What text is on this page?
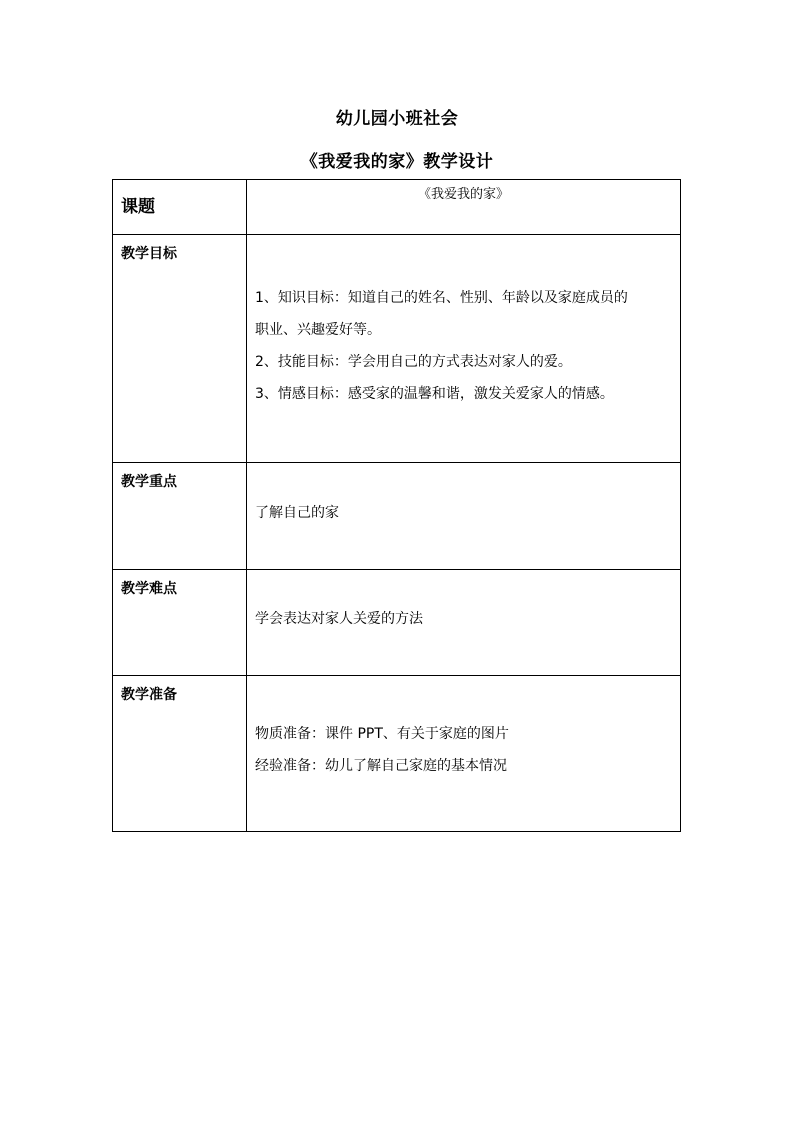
幼儿园小班社会
《我爱我的家》教学设计
课题	《我爱我的家》

教学目标	1、知识目标：知道自己的姓名、性别、年龄以及家庭成员的
职业、兴趣爱好等。
2、技能目标：学会用自己的方式表达对家人的爱。
3、情感目标：感受家的温馨和谐，激发关爱家人的情感。

教学重点	了解自己的家

教学难点	学会表达对家人关爱的方法

教学准备	物质准备：课件 PPT、有关于家庭的图片
经验准备：幼儿了解自己家庭的基本情况
